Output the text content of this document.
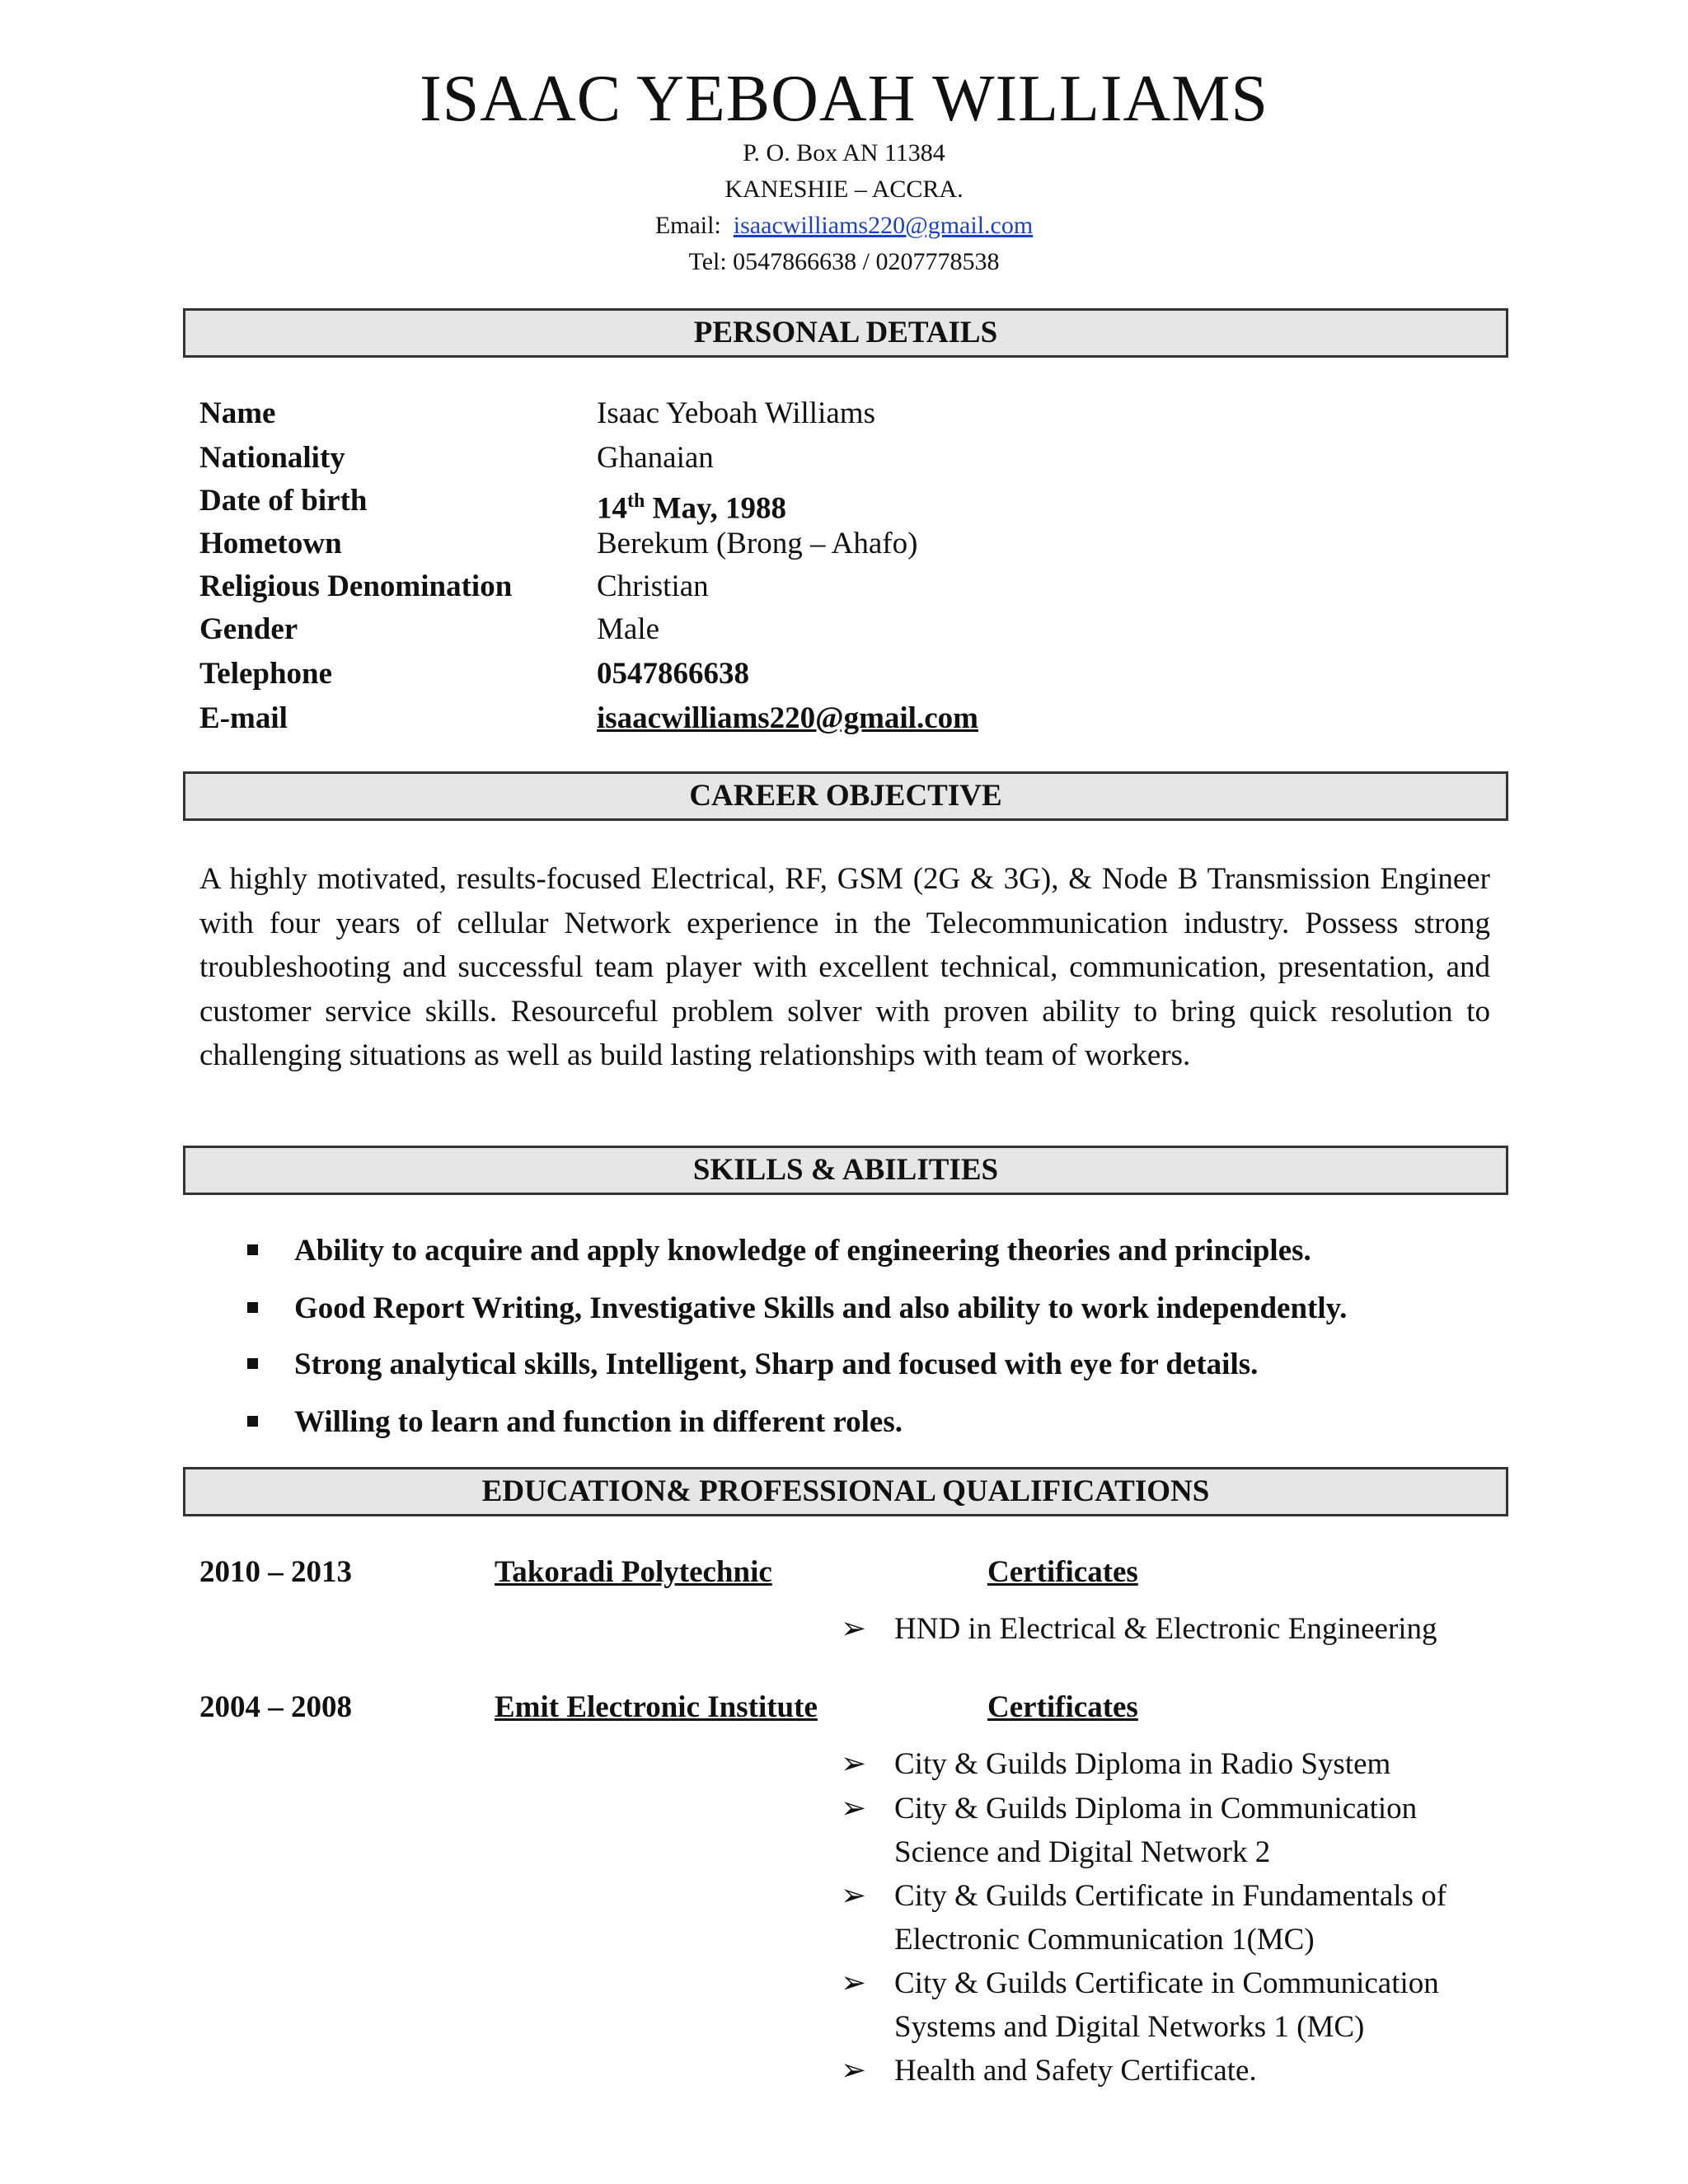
ISAAC YEBOAH WILLIAMS
P. O. Box AN 11384
KANESHIE – ACCRA.
Email: isaacwilliams220@gmail.com
Tel: 0547866638 / 0207778538
PERSONAL DETAILS
Name	Isaac Yeboah Williams
Nationality	Ghanaian
Date of birth	14th May, 1988
Hometown	Berekum (Brong – Ahafo)
Religious Denomination	Christian
Gender	Male
Telephone	0547866638
E-mail	isaacwilliams220@gmail.com
CAREER OBJECTIVE
A highly motivated, results-focused Electrical, RF, GSM (2G & 3G), & Node B Transmission Engineer with four years of cellular Network experience in the Telecommunication industry. Possess strong troubleshooting and successful team player with excellent technical, communication, presentation, and customer service skills. Resourceful problem solver with proven ability to bring quick resolution to challenging situations as well as build lasting relationships with team of workers.
SKILLS & ABILITIES
Ability to acquire and apply knowledge of engineering theories and principles.
Good Report Writing, Investigative Skills and also ability to work independently.
Strong analytical skills, Intelligent, Sharp and focused with eye for details.
Willing to learn and function in different roles.
EDUCATION& PROFESSIONAL QUALIFICATIONS
2010 – 2013	Takoradi Polytechnic	Certificates
➢ HND in Electrical & Electronic Engineering
2004 – 2008	Emit Electronic Institute	Certificates
➢ City & Guilds Diploma in Radio System
➢ City & Guilds Diploma in Communication Science and Digital Network 2
➢ City & Guilds Certificate in Fundamentals of Electronic Communication 1(MC)
➢ City & Guilds Certificate in Communication Systems and Digital Networks 1 (MC)
➢ Health and Safety Certificate.
